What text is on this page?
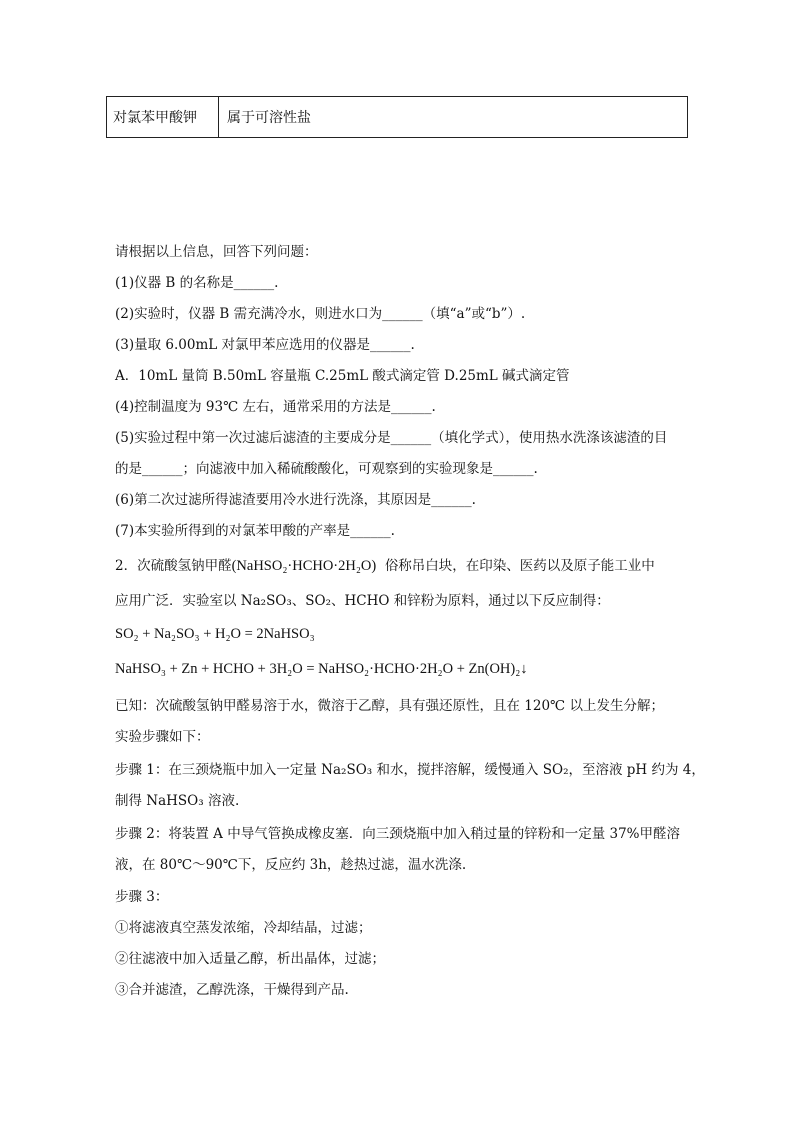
对氯苯甲酸钾	属于可溶性盐
请根据以上信息，回答下列问题：
(1)仪器 B 的名称是______.
(2)实验时，仪器 B 需充满冷水，则进水口为______（填“a”或“b”）.
(3)量取 6.00mL 对氯甲苯应选用的仪器是______.
A．10mL 量筒 B.50mL 容量瓶 C.25mL 酸式滴定管 D.25mL 碱式滴定管
(4)控制温度为 93℃ 左右，通常采用的方法是______.
(5)实验过程中第一次过滤后滤渣的主要成分是______（填化学式），使用热水洗涤该滤渣的目
的是______；向滤液中加入稀硫酸酸化，可观察到的实验现象是______.
(6)第二次过滤所得滤渣要用冷水进行洗涤，其原因是______.
(7)本实验所得到的对氯苯甲酸的产率是______.
2．次硫酸氢钠甲醛(NaHSO₂·HCHO·2H₂O) 俗称吊白块，在印染、医药以及原子能工业中
应用广泛．实验室以 Na₂SO₃、SO₂、HCHO 和锌粉为原料，通过以下反应制得：
SO₂ + Na₂SO₃ + H₂O = 2NaHSO₃
NaHSO₃ + Zn + HCHO + 3H₂O = NaHSO₂·HCHO·2H₂O + Zn(OH)₂↓
已知：次硫酸氢钠甲醛易溶于水，微溶于乙醇，具有强还原性，且在 120℃ 以上发生分解；
实验步骤如下：
步骤 1：在三颈烧瓶中加入一定量 Na₂SO₃ 和水，搅拌溶解，缓慢通入 SO₂，至溶液 pH 约为 4，
制得 NaHSO₃ 溶液.
步骤 2：将装置 A 中导气管换成橡皮塞．向三颈烧瓶中加入稍过量的锌粉和一定量 37%甲醛溶
液，在 80℃～90℃下，反应约 3h，趁热过滤，温水洗涤.
步骤 3：
①将滤液真空蒸发浓缩，冷却结晶，过滤；
②往滤液中加入适量乙醇，析出晶体，过滤；
③合并滤渣，乙醇洗涤，干燥得到产品.
